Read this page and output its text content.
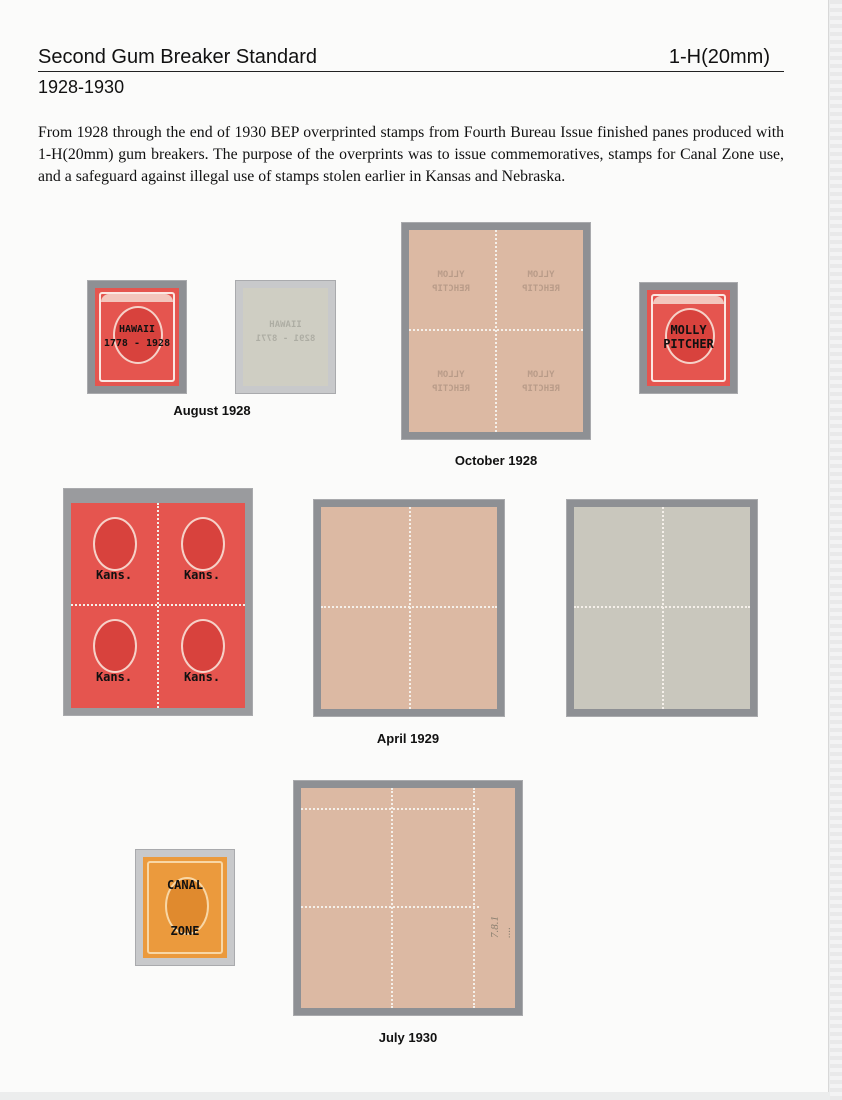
Second Gum Breaker Standard	1-H(20mm)
1928-1930
From 1928 through the end of 1930 BEP overprinted stamps from Fourth Bureau Issue finished panes produced with 1-H(20mm) gum breakers. The purpose of the overprints was to issue commemoratives, stamps for Canal Zone use, and a safeguard against illegal use of stamps stolen earlier in Kansas and Nebraska.
HAWAII
1778 - 1928
IIAWAH
8291 - 8771
YLLOM
REHCTIP
YLLOM
REHCTIP
YLLOM
REHCTIP
YLLOM
REHCTIP
MOLLY
PITCHER
August 1928
October 1928
Kans.	Kans.
Kans.	Kans.
April 1929
CANAL
ZONE	7.8.1 ....
July 1930
